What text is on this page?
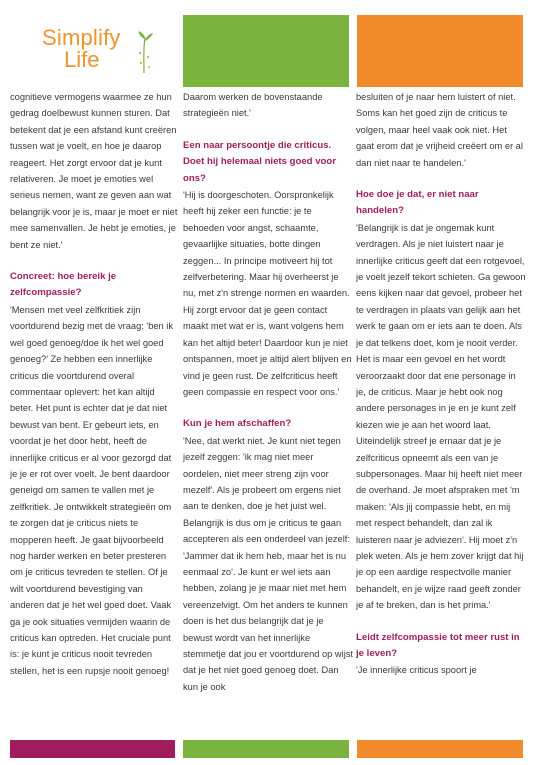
Simplify
Life

cognitieve vermogens waarmee ze hun gedrag doelbewust kunnen sturen. Dat betekent dat je een afstand kunt creëren tussen wat je voelt, en hoe je daarop reageert. Het zorgt ervoor dat je kunt relativeren. Je moet je emoties wel serieus nemen, want ze geven aan wat belangrijk voor je is, maar je moet er niet mee samenvallen. Je hebt je emoties, je bent ze niet.'

Concreet: hoe bereik je zelfcompassie?

'Mensen met veel zelfkritiek zijn voortdurend bezig met de vraag: 'ben ik wel goed genoeg/doe ik het wel goed genoeg?' Ze hebben een innerlijke criticus die voortdurend overal commentaar oplevert: het kan altijd beter. Het punt is echter dat je dat niet bewust van bent. Er gebeurt iets, en voordat je het door hebt, heeft de innerlijke criticus er al voor gezorgd dat je je er rot over voelt. Je bent daardoor geneigd om samen te vallen met je zelfkritiek. Je ontwikkelt strategieën om te zorgen dat je criticus niets te mopperen heeft. Je gaat bijvoorbeeld nog harder werken en beter presteren om je criticus tevreden te stellen. Of je wilt voortdurend bevestiging van anderen dat je het wel goed doet. Vaak ga je ook situaties vermijden waarin de criticus kan optreden. Het cruciale punt is: je kunt je criticus nooit tevreden stellen, het is een rupsje nooit genoeg!

Daarom werken de bovenstaande strategieën niet.'

Een naar persoontje die criticus. Doet hij helemaal niets goed voor ons?

'Hij is doorgeschoten. Oorspronkelijk heeft hij zeker een functie: je te behoeden voor angst, schaamte, gevaarlijke situaties, botte dingen zeggen... In principe motiveert hij tot zelfverbetering. Maar hij overheerst je nu, met z'n strenge normen en waarden. Hij zorgt ervoor dat je geen contact maakt met wat er is, want volgens hem kan het altijd beter! Daardoor kun je niet ontspannen, moet je altijd alert blijven en vind je geen rust. De zelfcriticus heeft geen compassie en respect voor ons.'

Kun je hem afschaffen?

'Nee, dat werkt niet. Je kunt niet tegen jezelf zeggen: 'ik mag niet meer oordelen, niet meer streng zijn voor mezelf'. Als je probeert om ergens niet aan te denken, doe je het juist wel. Belangrijk is dus om je criticus te gaan accepteren als een onderdeel van jezelf: 'Jammer dat ik hem heb, maar het is nu eenmaal zo'. Je kunt er wel iets aan hebben, zolang je je maar niet met hem vereenzelvigt. Om het anders te kunnen doen is het dus belangrijk dat je je bewust wordt van het innerlijke stemmetje dat jou er voortdurend op wijst dat je het niet goed genoeg doet. Dan kun je ook

besluiten of je naar hem luistert of niet. Soms kan het goed zijn de criticus te volgen, maar heel vaak ook niet. Het gaat erom dat je vrijheid creëert om er al dan niet naar te handelen.'

Hoe doe je dat, er niet naar handelen?

'Belangrijk is dat je ongemak kunt verdragen. Als je niet luistert naar je innerlijke criticus geeft dat een rotgevoel, je voelt jezelf tekort schieten. Ga gewoon eens kijken naar dat gevoel, probeer het te verdragen in plaats van gelijk aan het werk te gaan om er iets aan te doen. Als je dat telkens doet, kom je nooit verder. Het is maar een gevoel en het wordt veroorzaakt door dat ene personage in je, de criticus. Maar je hebt ook nog andere personages in je en je kunt zelf kiezen wie je aan het woord laat. Uiteindelijk streef je ernaar dat je je zelfcriticus opneemt als een van je subpersonages. Maar hij heeft niet meer de overhand. Je moet afspraken met 'm maken: 'Als jij compassie hebt, en mij met respect behandelt, dan zal ik luisteren naar je adviezen'. Hij moet z'n plek weten. Als je hem zover krijgt dat hij je op een aardige respectvolle manier behandelt, en je wijze raad geeft zonder je af te breken, dan is het prima.'

Leidt zelfcompassie tot meer rust in je leven?

'Je innerlijke criticus spoort je
